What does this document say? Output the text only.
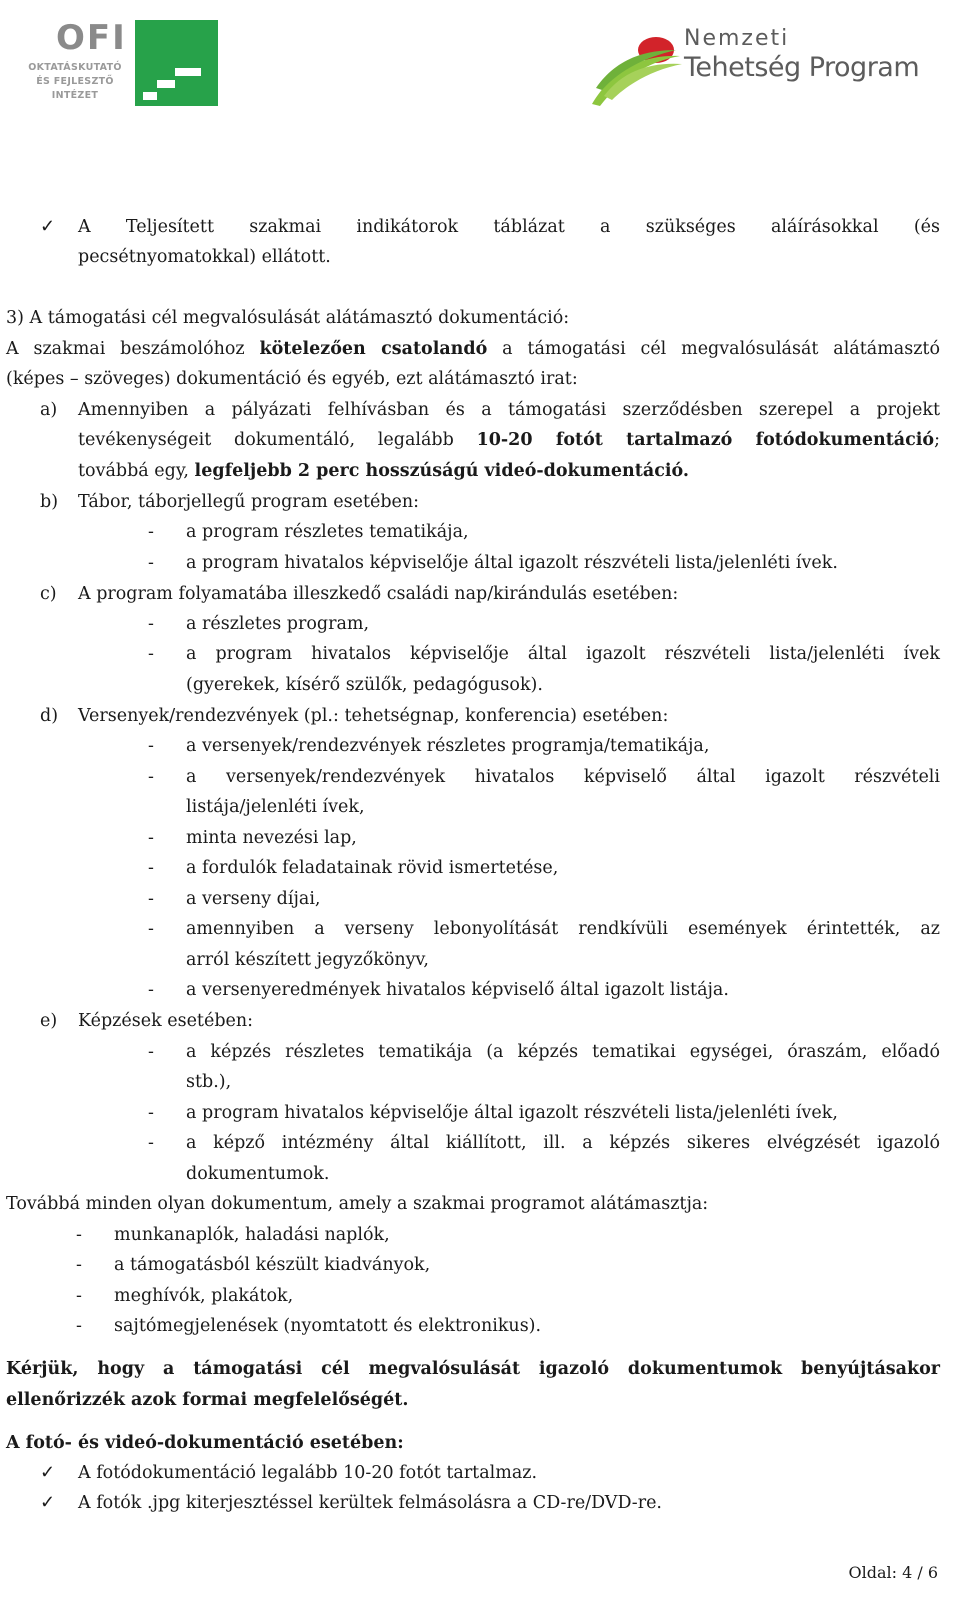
OFI
OKTATÁSKUTATÓ
ÉS FEJLESZTŐ
INTÉZET
Nemzeti
Tehetség Program
✓ A Teljesített szakmai indikátorok táblázat a szükséges aláírásokkal (és
pecsétnyomatokkal) ellátott.
3) A támogatási cél megvalósulását alátámasztó dokumentáció:
A szakmai beszámolóhoz kötelezően csatolandó a támogatási cél megvalósulását alátámasztó
(képes – szöveges) dokumentáció és egyéb, ezt alátámasztó irat:
a) Amennyiben a pályázati felhívásban és a támogatási szerződésben szerepel a projekt
tevékenységeit dokumentáló, legalább 10-20 fotót tartalmazó fotódokumentáció;
továbbá egy, legfeljebb 2 perc hosszúságú videó-dokumentáció.
b) Tábor, táborjellegű program esetében:
- a program részletes tematikája,
- a program hivatalos képviselője által igazolt részvételi lista/jelenléti ívek.
c) A program folyamatába illeszkedő családi nap/kirándulás esetében:
- a részletes program,
- a program hivatalos képviselője által igazolt részvételi lista/jelenléti ívek
(gyerekek, kísérő szülők, pedagógusok).
d) Versenyek/rendezvények (pl.: tehetségnap, konferencia) esetében:
- a versenyek/rendezvények részletes programja/tematikája,
- a versenyek/rendezvények hivatalos képviselő által igazolt részvételi
listája/jelenléti ívek,
- minta nevezési lap,
- a fordulók feladatainak rövid ismertetése,
- a verseny díjai,
- amennyiben a verseny lebonyolítását rendkívüli események érintették, az
arról készített jegyzőkönyv,
- a versenyeredmények hivatalos képviselő által igazolt listája.
e) Képzések esetében:
- a képzés részletes tematikája (a képzés tematikai egységei, óraszám, előadó
stb.),
- a program hivatalos képviselője által igazolt részvételi lista/jelenléti ívek,
- a képző intézmény által kiállított, ill. a képzés sikeres elvégzését igazoló
dokumentumok.
Továbbá minden olyan dokumentum, amely a szakmai programot alátámasztja:
- munkanaplók, haladási naplók,
- a támogatásból készült kiadványok,
- meghívók, plakátok,
- sajtómegjelenések (nyomtatott és elektronikus).
Kérjük, hogy a támogatási cél megvalósulását igazoló dokumentumok benyújtásakor
ellenőrizzék azok formai megfelelőségét.
A fotó- és videó-dokumentáció esetében:
✓ A fotódokumentáció legalább 10-20 fotót tartalmaz.
✓ A fotók .jpg kiterjesztéssel kerültek felmásolásra a CD-re/DVD-re.
Oldal: 4 / 6
